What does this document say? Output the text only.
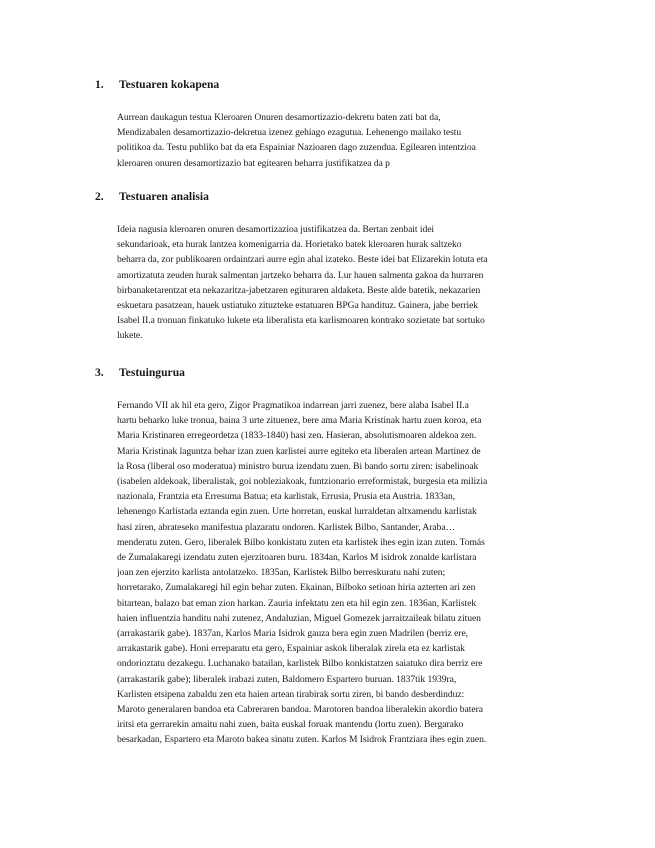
1. Testuaren kokapena
Aurrean daukagun testua Kleroaren Onuren desamortizazio-dekretu baten zati bat da,
Mendizabalen desamortizazio-dekretua izenez gehiago ezagutua. Lehenengo mailako testu
politikoa da. Testu publiko bat da eta Espainiar Nazioaren dago zuzendua. Egilearen intentzioa
kleroaren onuren desamortizazio bat egitearen beharra justifikatzea da p
2. Testuaren analisia
Ideia nagusia kleroaren onuren desamortizazioa justifikatzea da. Bertan zenbait idei
sekundarioak, eta hurak lantzea komenigarria da. Horietako batek kleroaren hurak saltzeko
beharra da, zor publikoaren ordaintzari aurre egin ahal izateko. Beste idei bat Elizarekin lotuta eta
amortizatuta zeuden hurak salmentan jartzeko beharra da. Lur hauen salmenta gakoa da hurraren
birbanaketarentzat eta nekazaritza-jabetzaren egituraren aldaketa. Beste alde batetik, nekazarien
eskuetara pasatzean, hauek ustiatuko zituzteke estatuaren BPGa handituz. Gainera, jabe berriek
Isabel II.a tronuan finkatuko lukete eta liberalista eta karlismoaren kontrako sozietate bat sortuko
lukete.
3. Testuinguruа
Fernando VII ak hil eta gero, Zigor Pragmatikoa indarrean jarri zuenez, bere alaba Isabel II.a
hartu beharko luke tronua, baina 3 urte zituenez, bere ama Maria Kristinak hartu zuen koroa, eta
Maria Kristinaren erregeordetza (1833-1840) hasi zen. Hasieran, absolutismoaren aldekoa zen.
Maria Kristinak laguntza behar izan zuen karlistei aurre egiteko eta liberalen artean Martinez de
la Rosa (liberal oso moderatua) ministro burua izendatu zuen. Bi bando sortu ziren: isabelinoak
(isabelen aldekoak, liberalistak, goi nobleziakoak, funtzionario erreformistak, burgesia eta milizia
nazionala, Frantzia eta Erresuma Batua; eta karlistak, Errusia, Prusia eta Austria. 1833an,
lehenengo Karlistada eztanda egin zuen. Urte horretan, euskal lurraldetan altxamendu karlistak
hasi ziren, abrateseko manifestua plazaratu ondoren. Karlistek Bilbo, Santander, Araba…
menderatu zuten. Gero, liberalek Bilbo konkistatu zuten eta karlistek ihes egin izan zuten. Tomás
de Zumalakaregi izendatu zuten ejerzitoaren buru. 1834an, Karlos M isidrok zonalde karlistara
joan zen ejerzito karlista antolatzeko. 1835an, Karlistek Bilbo berreskuratu nahi zuten;
horretarako, Zumalakaregi hil egin behar zuten. Ekainan, Bilboko setioan hiria azterten ari zen
bitartean, balazo bat eman zion harkan. Zauria infektatu zen eta hil egin zen. 1836an, Karlistek
haien influentzia handitu nahi zutenez, Andaluzian, Miguel Gomezek jarraitzaileak bilatu zituen
(arrakastarik gabe). 1837an, Karlos Maria Isidrok gauza bera egin zuen Madrilen (berriz ere,
arrakastarik gabe). Honi erreparatu eta gero, Espainiar askok liberalak zirela eta ez karlistak
ondorioztatu dezakegu. Luchanako batailan, karlistek Bilbo konkistatzen saiatuko dira berriz ere
(arrakastarik gabe); liberalek irabazi zuten, Baldomero Espartero buruan. 1837tik 1939ra,
Karlisten etsipena zabaldu zen eta haien artean tirabirak sortu ziren, bi bando desberdinduz:
Maroto generalaren bandoa eta Cabreraren bandoa. Marotoren bandoa liberalekin akordio batera
iritsi eta gerrarekin amaitu nahi zuen, baita euskal foruak mantendu (lortu zuen). Bergarako
besarkadan, Espartero eta Maroto bakea sinatu zuten. Karlos M Isidrok Frantziara ihes egin zuen.
